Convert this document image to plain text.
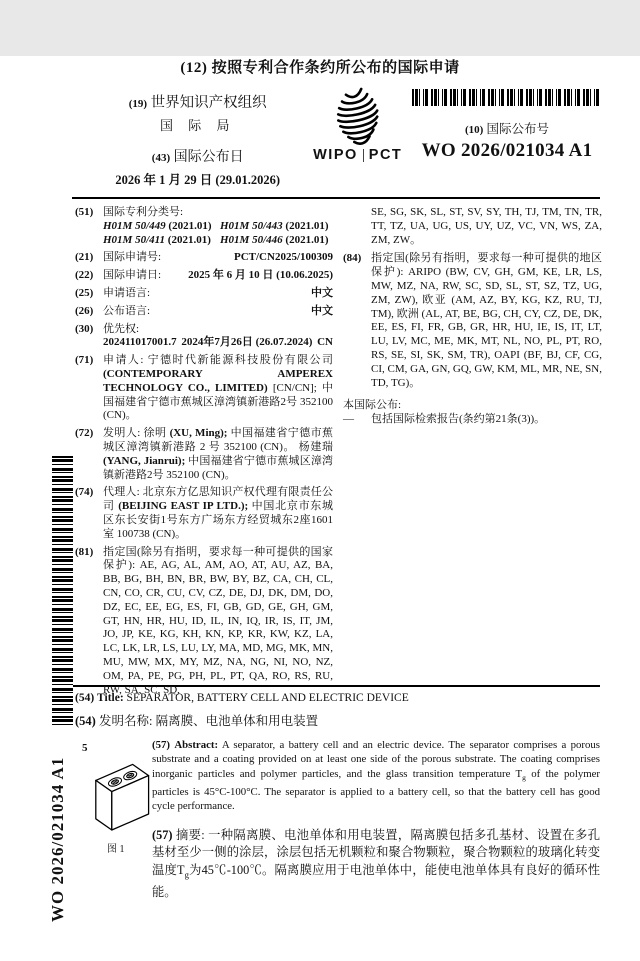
(12) 按照专利合作条约所公布的国际申请
(19) 世界知识产权组织
国 际 局
(43) 国际公布日
2026 年 1 月 29 日 (29.01.2026)
WIPO PCT
(10) 国际公布号
WO 2026/021034 A1
(51) 国际专利分类号:
H01M 50/449 (2021.01) H01M 50/443 (2021.01)
H01M 50/411 (2021.01) H01M 50/446 (2021.01)
(21) 国际申请号:	PCT/CN2025/100309
(22) 国际申请日: 2025 年 6 月 10 日 (10.06.2025)
(25) 申请语言:	中文
(26) 公布语言:	中文
(30) 优先权:
202411017001.7 2024年7月26日 (26.07.2024) CN
(71) 申请人: 宁德时代新能源科技股份有限公司 (CONTEMPORARY AMPEREX TECHNOLOGY CO., LIMITED) [CN/CN]; 中国福建省宁德市蕉城区漳湾镇新港路2号 352100 (CN)。
(72) 发明人: 徐明 (XU, Ming); 中国福建省宁德市蕉城区漳湾镇新港路 2 号 352100 (CN)。 杨建瑞 (YANG, Jianrui); 中国福建省宁德市蕉城区漳湾镇新港路2号 352100 (CN)。
(74) 代理人: 北京东方亿思知识产权代理有限责任公司 (BEIJING EAST IP LTD.); 中国北京市东城区东长安街1号东方广场东方经贸城东2座1601室 100738 (CN)。
(81) 指定国(除另有指明，要求每一种可提供的国家保护): AE, AG, AL, AM, AO, AT, AU, AZ, BA, BB, BG, BH, BN, BR, BW, BY, BZ, CA, CH, CL, CN, CO, CR, CU, CV, CZ, DE, DJ, DK, DM, DO, DZ, EC, EE, EG, ES, FI, GB, GD, GE, GH, GM, GT, HN, HR, HU, ID, IL, IN, IQ, IR, IS, IT, JM, JO, JP, KE, KG, KH, KN, KP, KR, KW, KZ, LA, LC, LK, LR, LS, LU, LY, MA, MD, MG, MK, MN, MU, MW, MX, MY, MZ, NA, NG, NI, NO, NZ, OM, PA, PE, PG, PH, PL, PT, QA, RO, RS, RU, RW, SA, SC, SD,
SE, SG, SK, SL, ST, SV, SY, TH, TJ, TM, TN, TR, TT, TZ, UA, UG, US, UY, UZ, VC, VN, WS, ZA, ZM, ZW。
(84) 指定国(除另有指明，要求每一种可提供的地区保护): ARIPO (BW, CV, GH, GM, KE, LR, LS, MW, MZ, NA, RW, SC, SD, SL, ST, SZ, TZ, UG, ZM, ZW), 欧亚 (AM, AZ, BY, KG, KZ, RU, TJ, TM), 欧洲 (AL, AT, BE, BG, CH, CY, CZ, DE, DK, EE, ES, FI, FR, GB, GR, HR, HU, IE, IS, IT, LT, LU, LV, MC, ME, MK, MT, NL, NO, PL, PT, RO, RS, SE, SI, SK, SM, TR), OAPI (BF, BJ, CF, CG, CI, CM, GA, GN, GQ, GW, KM, ML, MR, NE, SN, TD, TG)。
本国际公布:
—	包括国际检索报告(条约第21条(3))。
(54) Title: SEPARATOR, BATTERY CELL AND ELECTRIC DEVICE
(54) 发明名称: 隔离膜、电池单体和用电装置
WO 2026/021034 A1
5
图 1
(57) Abstract: A separator, a battery cell and an electric device. The separator comprises a porous substrate and a coating provided on at least one side of the porous substrate. The coating comprises inorganic particles and polymer particles, and the glass transition temperature $T_g$ of the polymer particles is 45°C-100°C. The separator is applied to a battery cell, so that the battery cell has good cycle performance.
(57) 摘要: 一种隔离膜、电池单体和用电装置，隔离膜包括多孔基材、设置在多孔基材至少一侧的涂层，涂层包括无机颗粒和聚合物颗粒，聚合物颗粒的玻璃化转变温度$T_g$为45℃-100℃。隔离膜应用于电池单体中，能使电池单体具有良好的循环性能。
